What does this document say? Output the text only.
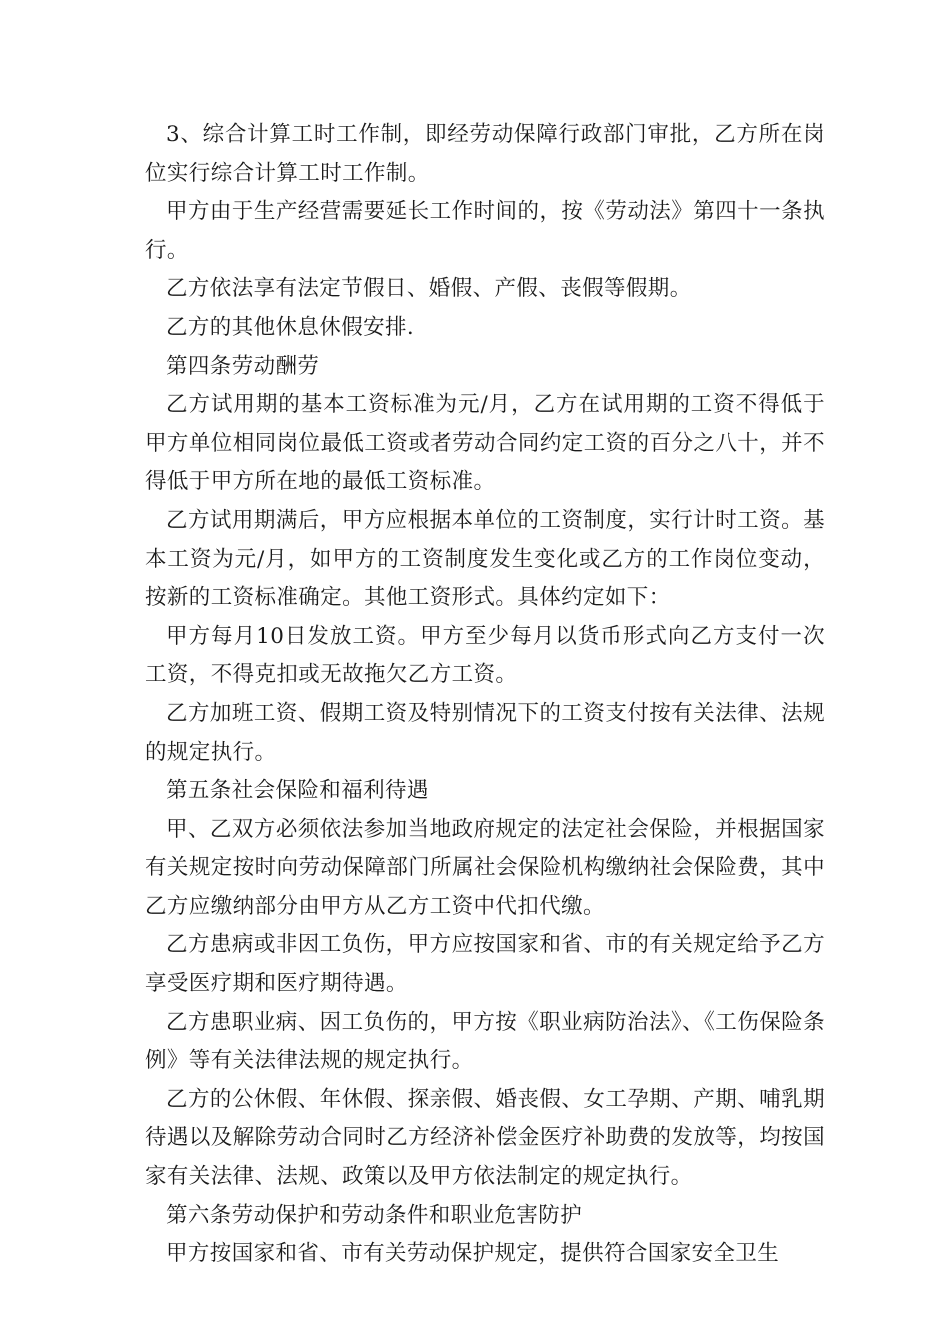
3、综合计算工时工作制，即经劳动保障行政部门审批，乙方所在岗位实行综合计算工时工作制。

甲方由于生产经营需要延长工作时间的，按《劳动法》第四十一条执行。

乙方依法享有法定节假日、婚假、产假、丧假等假期。

乙方的其他休息休假安排.

第四条劳动酬劳

乙方试用期的基本工资标准为元/月，乙方在试用期的工资不得低于甲方单位相同岗位最低工资或者劳动合同约定工资的百分之八十，并不得低于甲方所在地的最低工资标准。

乙方试用期满后，甲方应根据本单位的工资制度，实行计时工资。基本工资为元/月，如甲方的工资制度发生变化或乙方的工作岗位变动，按新的工资标准确定。其他工资形式。具体约定如下：

甲方每月10日发放工资。甲方至少每月以货币形式向乙方支付一次工资，不得克扣或无故拖欠乙方工资。

乙方加班工资、假期工资及特别情况下的工资支付按有关法律、法规的规定执行。

第五条社会保险和福利待遇

甲、乙双方必须依法参加当地政府规定的法定社会保险，并根据国家有关规定按时向劳动保障部门所属社会保险机构缴纳社会保险费，其中乙方应缴纳部分由甲方从乙方工资中代扣代缴。

乙方患病或非因工负伤，甲方应按国家和省、市的有关规定给予乙方享受医疗期和医疗期待遇。

乙方患职业病、因工负伤的，甲方按《职业病防治法》、《工伤保险条例》等有关法律法规的规定执行。

乙方的公休假、年休假、探亲假、婚丧假、女工孕期、产期、哺乳期待遇以及解除劳动合同时乙方经济补偿金医疗补助费的发放等，均按国家有关法律、法规、政策以及甲方依法制定的规定执行。

第六条劳动保护和劳动条件和职业危害防护

甲方按国家和省、市有关劳动保护规定，提供符合国家安全卫生
